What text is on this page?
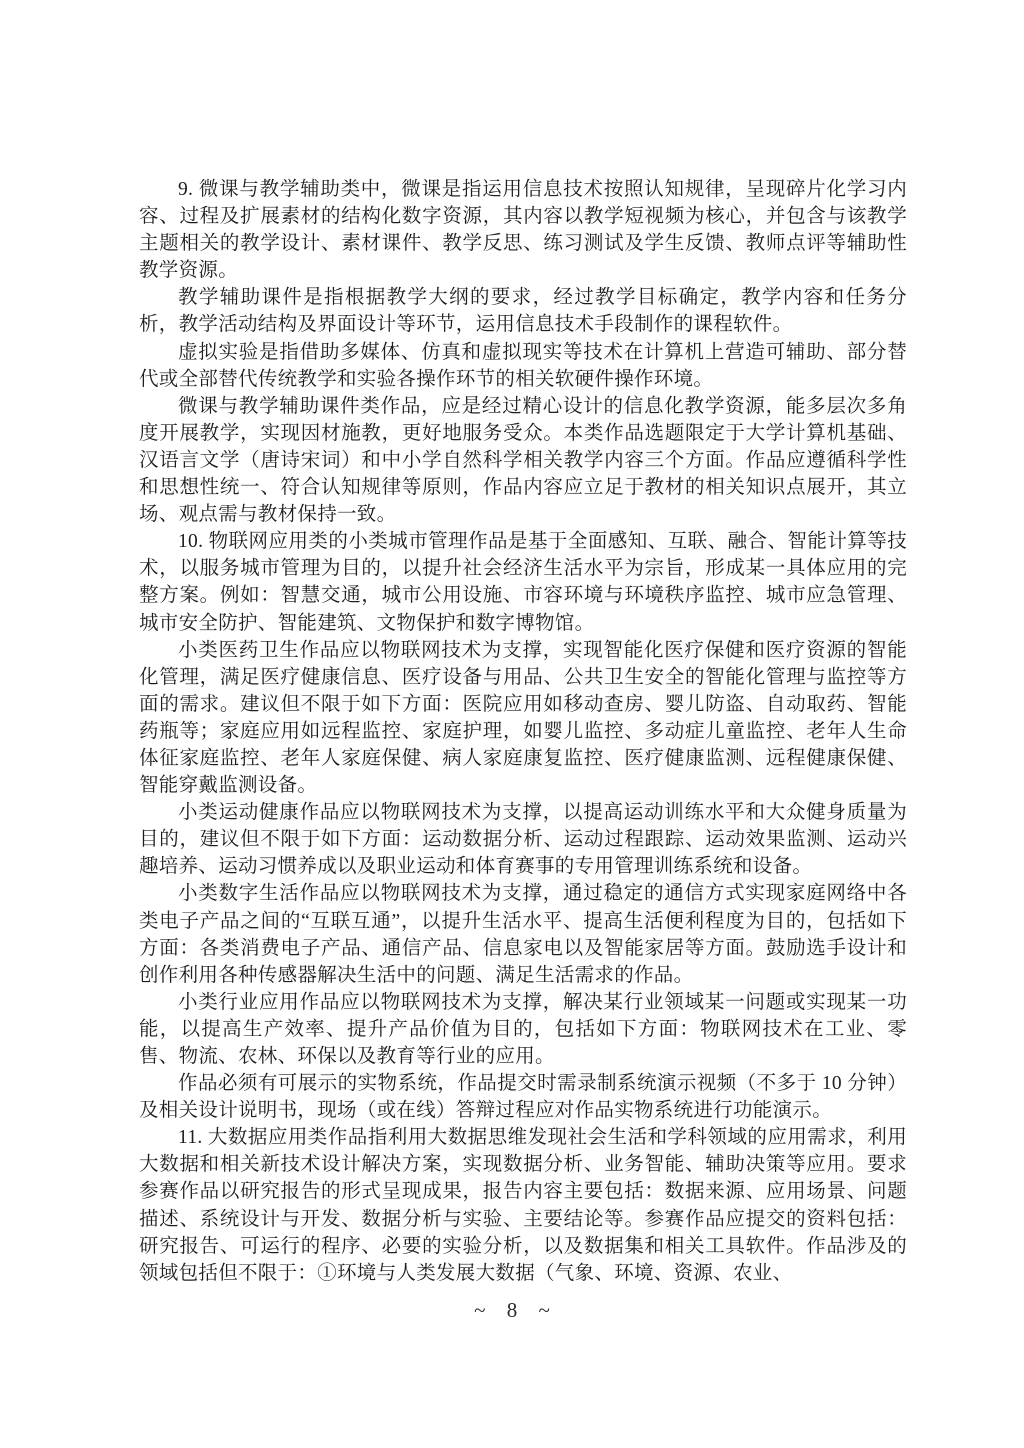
9. 微课与教学辅助类中，微课是指运用信息技术按照认知规律，呈现碎片化学习内容、过程及扩展素材的结构化数字资源，其内容以教学短视频为核心，并包含与该教学主题相关的教学设计、素材课件、教学反思、练习测试及学生反馈、教师点评等辅助性教学资源。

教学辅助课件是指根据教学大纲的要求，经过教学目标确定，教学内容和任务分析，教学活动结构及界面设计等环节，运用信息技术手段制作的课程软件。

虚拟实验是指借助多媒体、仿真和虚拟现实等技术在计算机上营造可辅助、部分替代或全部替代传统教学和实验各操作环节的相关软硬件操作环境。

微课与教学辅助课件类作品，应是经过精心设计的信息化教学资源，能多层次多角度开展教学，实现因材施教，更好地服务受众。本类作品选题限定于大学计算机基础、汉语言文学（唐诗宋词）和中小学自然科学相关教学内容三个方面。作品应遵循科学性和思想性统一、符合认知规律等原则，作品内容应立足于教材的相关知识点展开，其立场、观点需与教材保持一致。

10. 物联网应用类的小类城市管理作品是基于全面感知、互联、融合、智能计算等技术，以服务城市管理为目的，以提升社会经济生活水平为宗旨，形成某一具体应用的完整方案。例如：智慧交通，城市公用设施、市容环境与环境秩序监控、城市应急管理、城市安全防护、智能建筑、文物保护和数字博物馆。

小类医药卫生作品应以物联网技术为支撑，实现智能化医疗保健和医疗资源的智能化管理，满足医疗健康信息、医疗设备与用品、公共卫生安全的智能化管理与监控等方面的需求。建议但不限于如下方面：医院应用如移动查房、婴儿防盗、自动取药、智能药瓶等；家庭应用如远程监控、家庭护理，如婴儿监控、多动症儿童监控、老年人生命体征家庭监控、老年人家庭保健、病人家庭康复监控、医疗健康监测、远程健康保健、智能穿戴监测设备。

小类运动健康作品应以物联网技术为支撑，以提高运动训练水平和大众健身质量为目的，建议但不限于如下方面：运动数据分析、运动过程跟踪、运动效果监测、运动兴趣培养、运动习惯养成以及职业运动和体育赛事的专用管理训练系统和设备。

小类数字生活作品应以物联网技术为支撑，通过稳定的通信方式实现家庭网络中各类电子产品之间的“互联互通”，以提升生活水平、提高生活便利程度为目的，包括如下方面：各类消费电子产品、通信产品、信息家电以及智能家居等方面。鼓励选手设计和创作利用各种传感器解决生活中的问题、满足生活需求的作品。

小类行业应用作品应以物联网技术为支撑，解决某行业领域某一问题或实现某一功能，以提高生产效率、提升产品价值为目的，包括如下方面：物联网技术在工业、零售、物流、农林、环保以及教育等行业的应用。

作品必须有可展示的实物系统，作品提交时需录制系统演示视频（不多于 10 分钟）及相关设计说明书，现场（或在线）答辩过程应对作品实物系统进行功能演示。

11. 大数据应用类作品指利用大数据思维发现社会生活和学科领域的应用需求，利用大数据和相关新技术设计解决方案，实现数据分析、业务智能、辅助决策等应用。要求参赛作品以研究报告的形式呈现成果，报告内容主要包括：数据来源、应用场景、问题描述、系统设计与开发、数据分析与实验、主要结论等。参赛作品应提交的资料包括：研究报告、可运行的程序、必要的实验分析，以及数据集和相关工具软件。作品涉及的领域包括但不限于：①环境与人类发展大数据（气象、环境、资源、农业、

~ 8 ~
